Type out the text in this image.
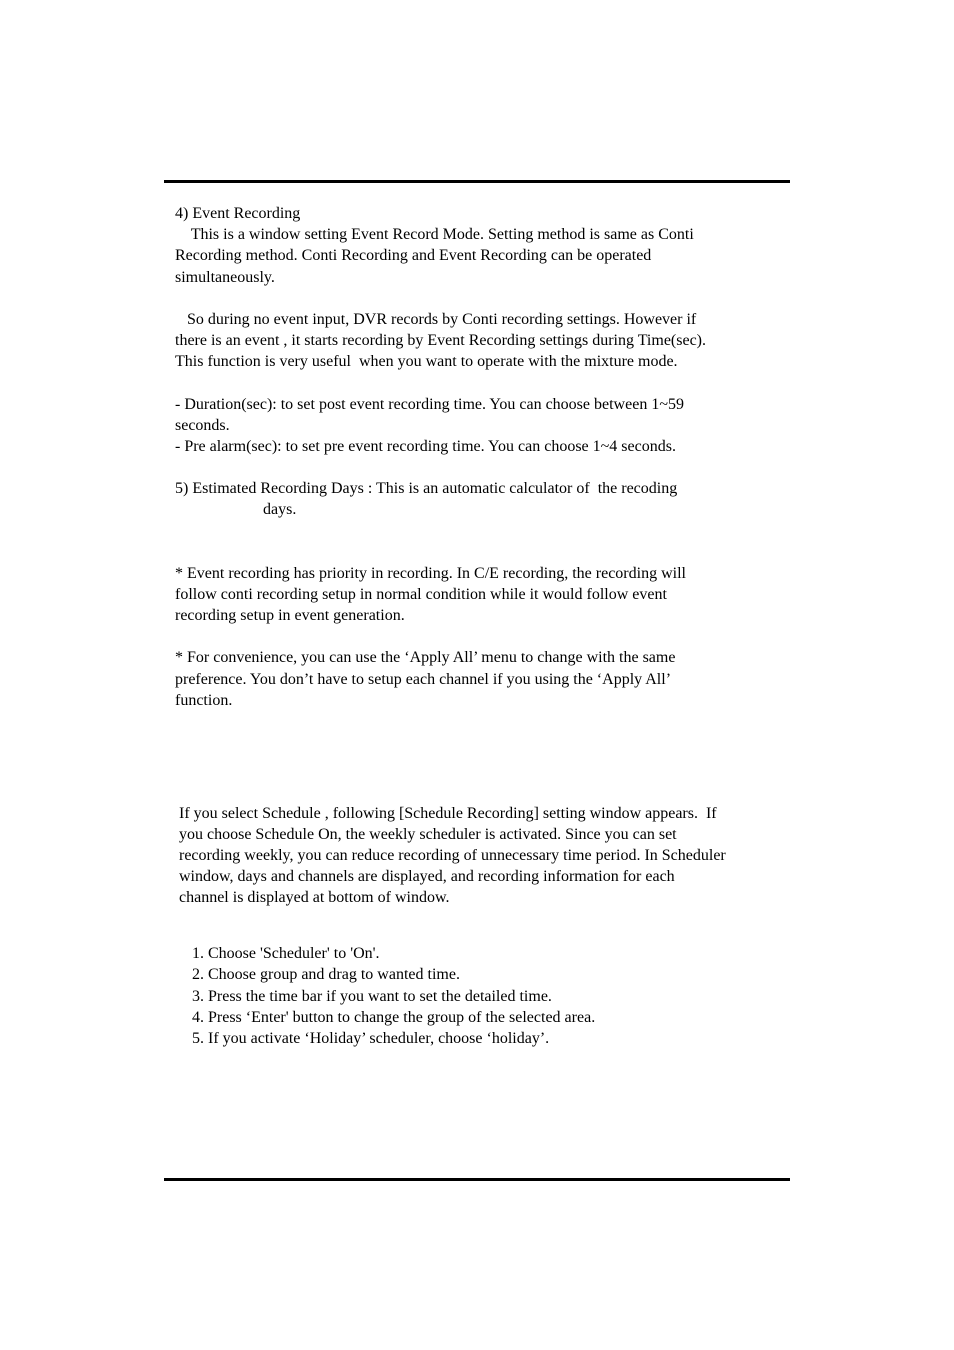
4) Event Recording
This is a window setting Event Record Mode. Setting method is same as Conti
Recording method. Conti Recording and Event Recording can be operated
simultaneously.
So during no event input, DVR records by Conti recording settings. However if
there is an event , it starts recording by Event Recording settings during Time(sec).
This function is very useful  when you want to operate with the mixture mode.
- Duration(sec): to set post event recording time. You can choose between 1~59
seconds.
- Pre alarm(sec): to set pre event recording time. You can choose 1~4 seconds.
5) Estimated Recording Days : This is an automatic calculator of  the recoding
days.
* Event recording has priority in recording. In C/E recording, the recording will
follow conti recording setup in normal condition while it would follow event
recording setup in event generation.
* For convenience, you can use the ‘Apply All’ menu to change with the same
preference. You don’t have to setup each channel if you using the ‘Apply All’
function.
If you select Schedule , following [Schedule Recording] setting window appears.  If
you choose Schedule On, the weekly scheduler is activated. Since you can set
recording weekly, you can reduce recording of unnecessary time period. In Scheduler
window, days and channels are displayed, and recording information for each
channel is displayed at bottom of window.
1. Choose 'Scheduler' to 'On'.
2. Choose group and drag to wanted time.
3. Press the time bar if you want to set the detailed time.
4. Press ‘Enter' button to change the group of the selected area.
5. If you activate ‘Holiday’ scheduler, choose ‘holiday’.
